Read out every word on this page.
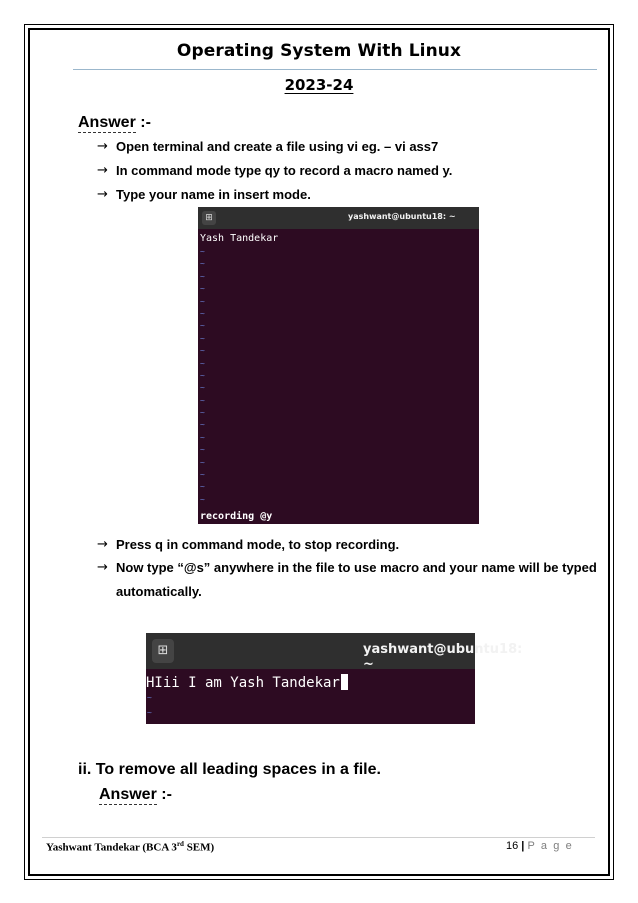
Operating System With Linux
2023-24
Answer :-
→ Open terminal and create a file using vi eg. – vi ass7
→ In command mode type qy to record a macro named y.
→ Type your name in insert mode.
⊞	yashwant@ubuntu18: ~
Yash Tandekar
~
~
~
~
~
~
~
~
~
~
~
~
~
~
~
~
~
~
~
~
~
recording @y
→ Press q in command mode, to stop recording.
→ Now type “@s” anywhere in the file to use macro and your name will be typed automatically.
⊞	yashwant@ubuntu18: ~
HIii I am Yash Tandekar
~
~
ii. To remove all leading spaces in a file.
Answer :-
Yashwant Tandekar (BCA 3rd SEM)	16 | P a g e
